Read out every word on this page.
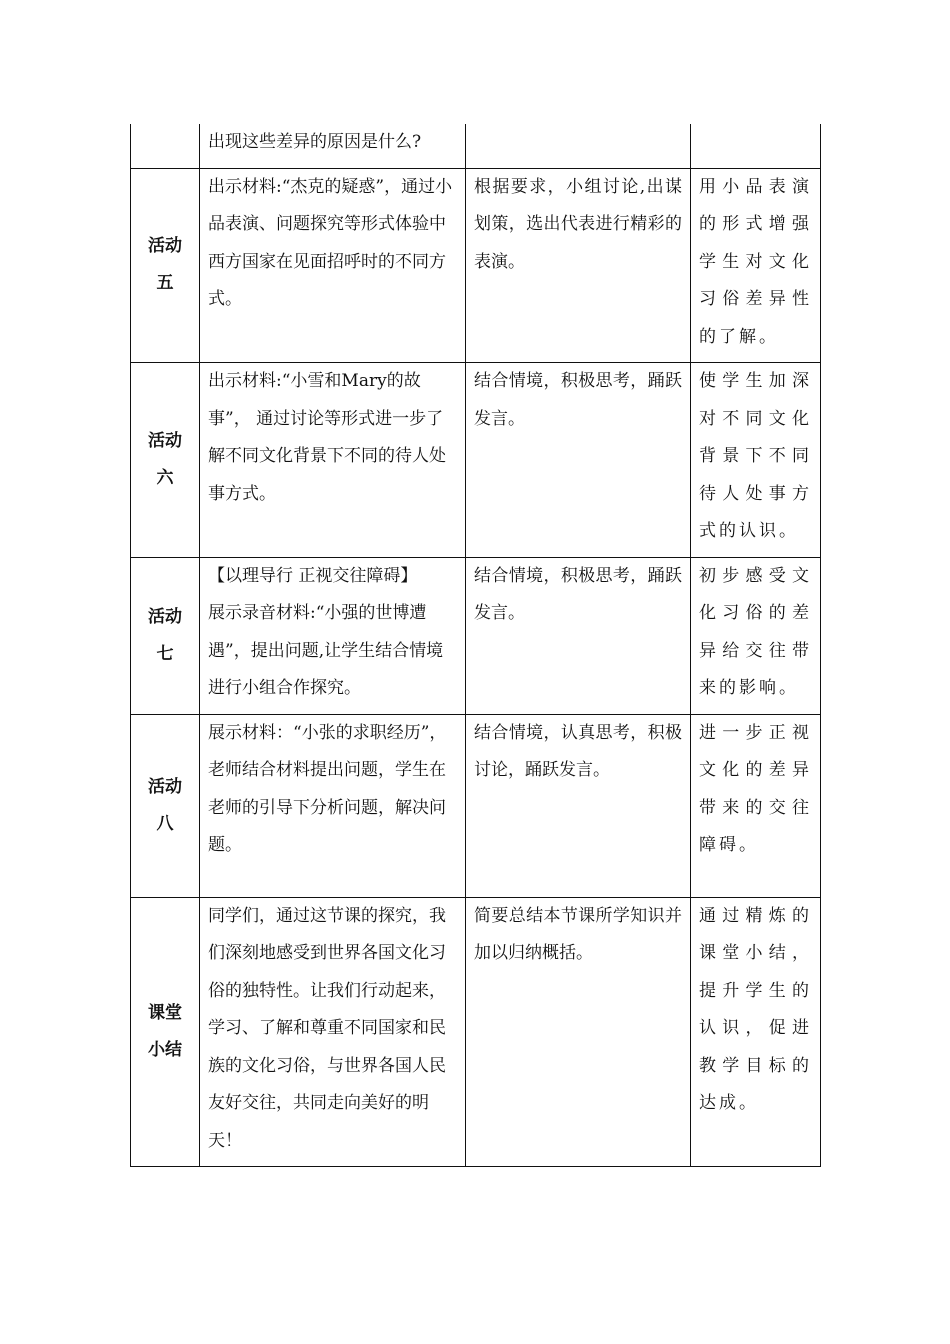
	出现这些差异的原因是什么?		

活动
五	出示材料:“杰克的疑惑”，通过小品表演、问题探究等形式体验中西方国家在见面招呼时的不同方式。	根据要求，小组讨论,出谋划策，选出代表进行精彩的表演。	用小品表演的形式增强学生对文化习俗差异性的了解。

活动
六	出示材料:“小雪和Mary的故事”， 通过讨论等形式进一步了解不同文化背景下不同的待人处事方式。	结合情境，积极思考，踊跃发言。	使学生加深对不同文化背景下不同待人处事方式的认识。

活动
七	【以理导行 正视交往障碍】
展示录音材料:“小强的世博遭遇”，提出问题,让学生结合情境进行小组合作探究。	结合情境，积极思考，踊跃发言。	初步感受文化习俗的差异给交往带来的影响。

活动
八	展示材料：“小张的求职经历”，
老师结合材料提出问题，学生在老师的引导下分析问题，解决问题。	结合情境，认真思考，积极讨论，踊跃发言。	进一步正视文化的差异带来的交往障碍。

课堂
小结	同学们，通过这节课的探究，我们深刻地感受到世界各国文化习俗的独特性。让我们行动起来，学习、了解和尊重不同国家和民族的文化习俗，与世界各国人民友好交往，共同走向美好的明天！	简要总结本节课所学知识并加以归纳概括。	通过精炼的课堂小结，提升学生的认识，促进教学目标的达成。
